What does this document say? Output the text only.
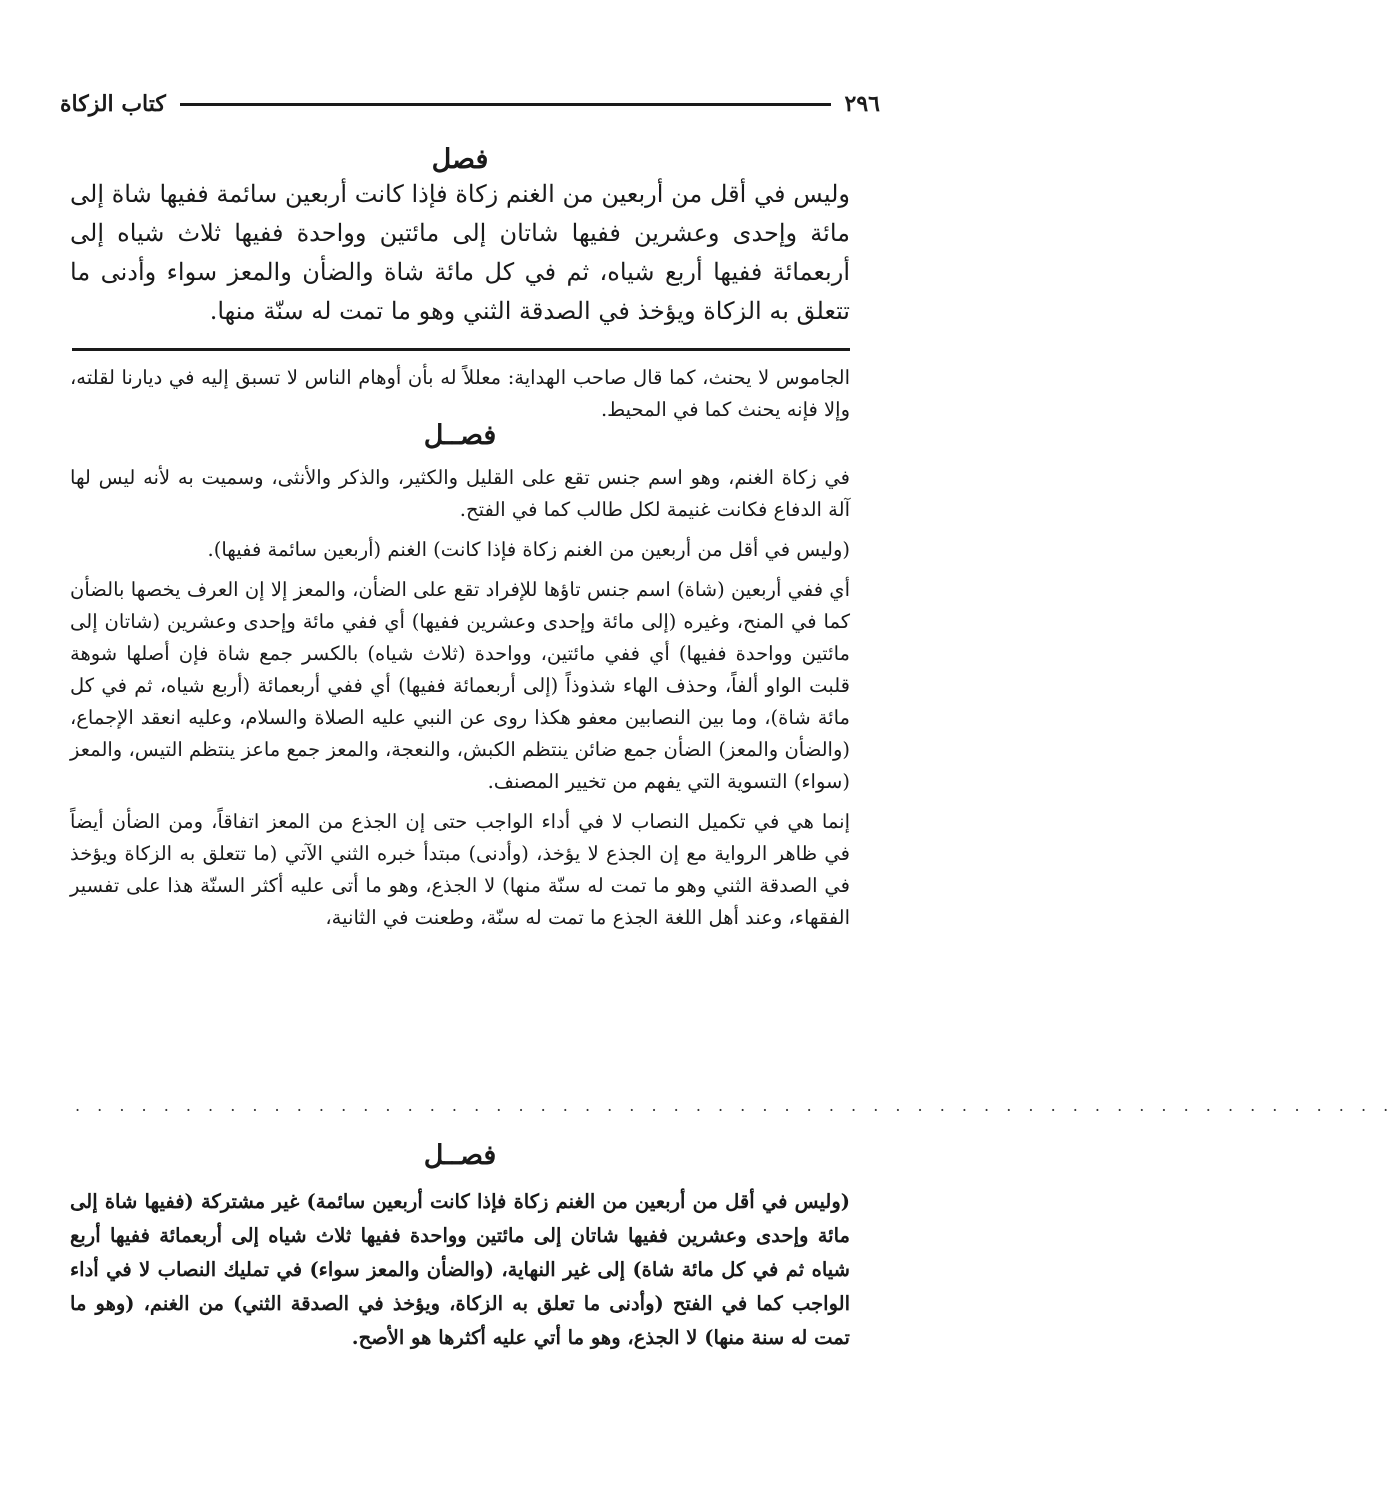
٢٩٦
كتاب الزكاة
فصل
وليس في أقل من أربعين من الغنم زكاة فإذا كانت أربعين سائمة ففيها شاة إلى مائة وإحدى وعشرين ففيها شاتان إلى مائتين وواحدة ففيها ثلاث شياه إلى أربعمائة ففيها أربع شياه، ثم في كل مائة شاة والضأن والمعز سواء وأدنى ما تتعلق به الزكاة ويؤخذ في الصدقة الثني وهو ما تمت له سنّة منها.

الجاموس لا يحنث، كما قال صاحب الهداية: معللاً له بأن أوهام الناس لا تسبق إليه في ديارنا لقلته، وإلا فإنه يحنث كما في المحيط.

فصــل

في زكاة الغنم، وهو اسم جنس تقع على القليل والكثير، والذكر والأنثى، وسميت به لأنه ليس لها آلة الدفاع فكانت غنيمة لكل طالب كما في الفتح.

(وليس في أقل من أربعين من الغنم زكاة فإذا كانت) الغنم (أربعين سائمة ففيها).

أي ففي أربعين (شاة) اسم جنس تاؤها للإفراد تقع على الضأن، والمعز إلا إن العرف يخصها بالضأن كما في المنح، وغيره (إلى مائة وإحدى وعشرين ففيها) أي ففي مائة وإحدى وعشرين (شاتان إلى مائتين وواحدة ففيها) أي ففي مائتين، وواحدة (ثلاث شياه) بالكسر جمع شاة فإن أصلها شوهة قلبت الواو ألفاً، وحذف الهاء شذوذاً (إلى أربعمائة ففيها) أي ففي أربعمائة (أربع شياه، ثم في كل مائة شاة)، وما بين النصابين معفو هكذا روى عن النبي عليه الصلاة والسلام، وعليه انعقد الإجماع، (والضأن والمعز) الضأن جمع ضائن ينتظم الكبش، والنعجة، والمعز جمع ماعز ينتظم التيس، والمعز (سواء) التسوية التي يفهم من تخيير المصنف.

إنما هي في تكميل النصاب لا في أداء الواجب حتى إن الجذع من المعز اتفاقاً، ومن الضأن أيضاً في ظاهر الرواية مع إن الجذع لا يؤخذ، (وأدنى) مبتدأ خبره الثني الآتي (ما تتعلق به الزكاة ويؤخذ في الصدقة الثني وهو ما تمت له سنّة منها) لا الجذع، وهو ما أتى عليه أكثر السنّة هذا على تفسير الفقهاء، وعند أهل اللغة الجذع ما تمت له سنّة، وطعنت في الثانية،

. . . . . . . . . . . . . . . . . . . . . . . . . . . . . . . . . . . . . . . . . . . . . . . . . . . . . . . . . . . .
فصــل
(وليس في أقل من أربعين من الغنم زكاة فإذا كانت أربعين سائمة) غير مشتركة (ففيها شاة إلى مائة وإحدى وعشرين ففيها شاتان إلى مائتين وواحدة ففيها ثلاث شياه إلى أربعمائة ففيها أربع شياه ثم في كل مائة شاة) إلى غير النهاية، (والضأن والمعز سواء) في تمليك النصاب لا في أداء الواجب كما في الفتح (وأدنى ما تعلق به الزكاة، ويؤخذ في الصدقة الثني) من الغنم، (وهو ما تمت له سنة منها) لا الجذع، وهو ما أتي عليه أكثرها هو الأصح.
